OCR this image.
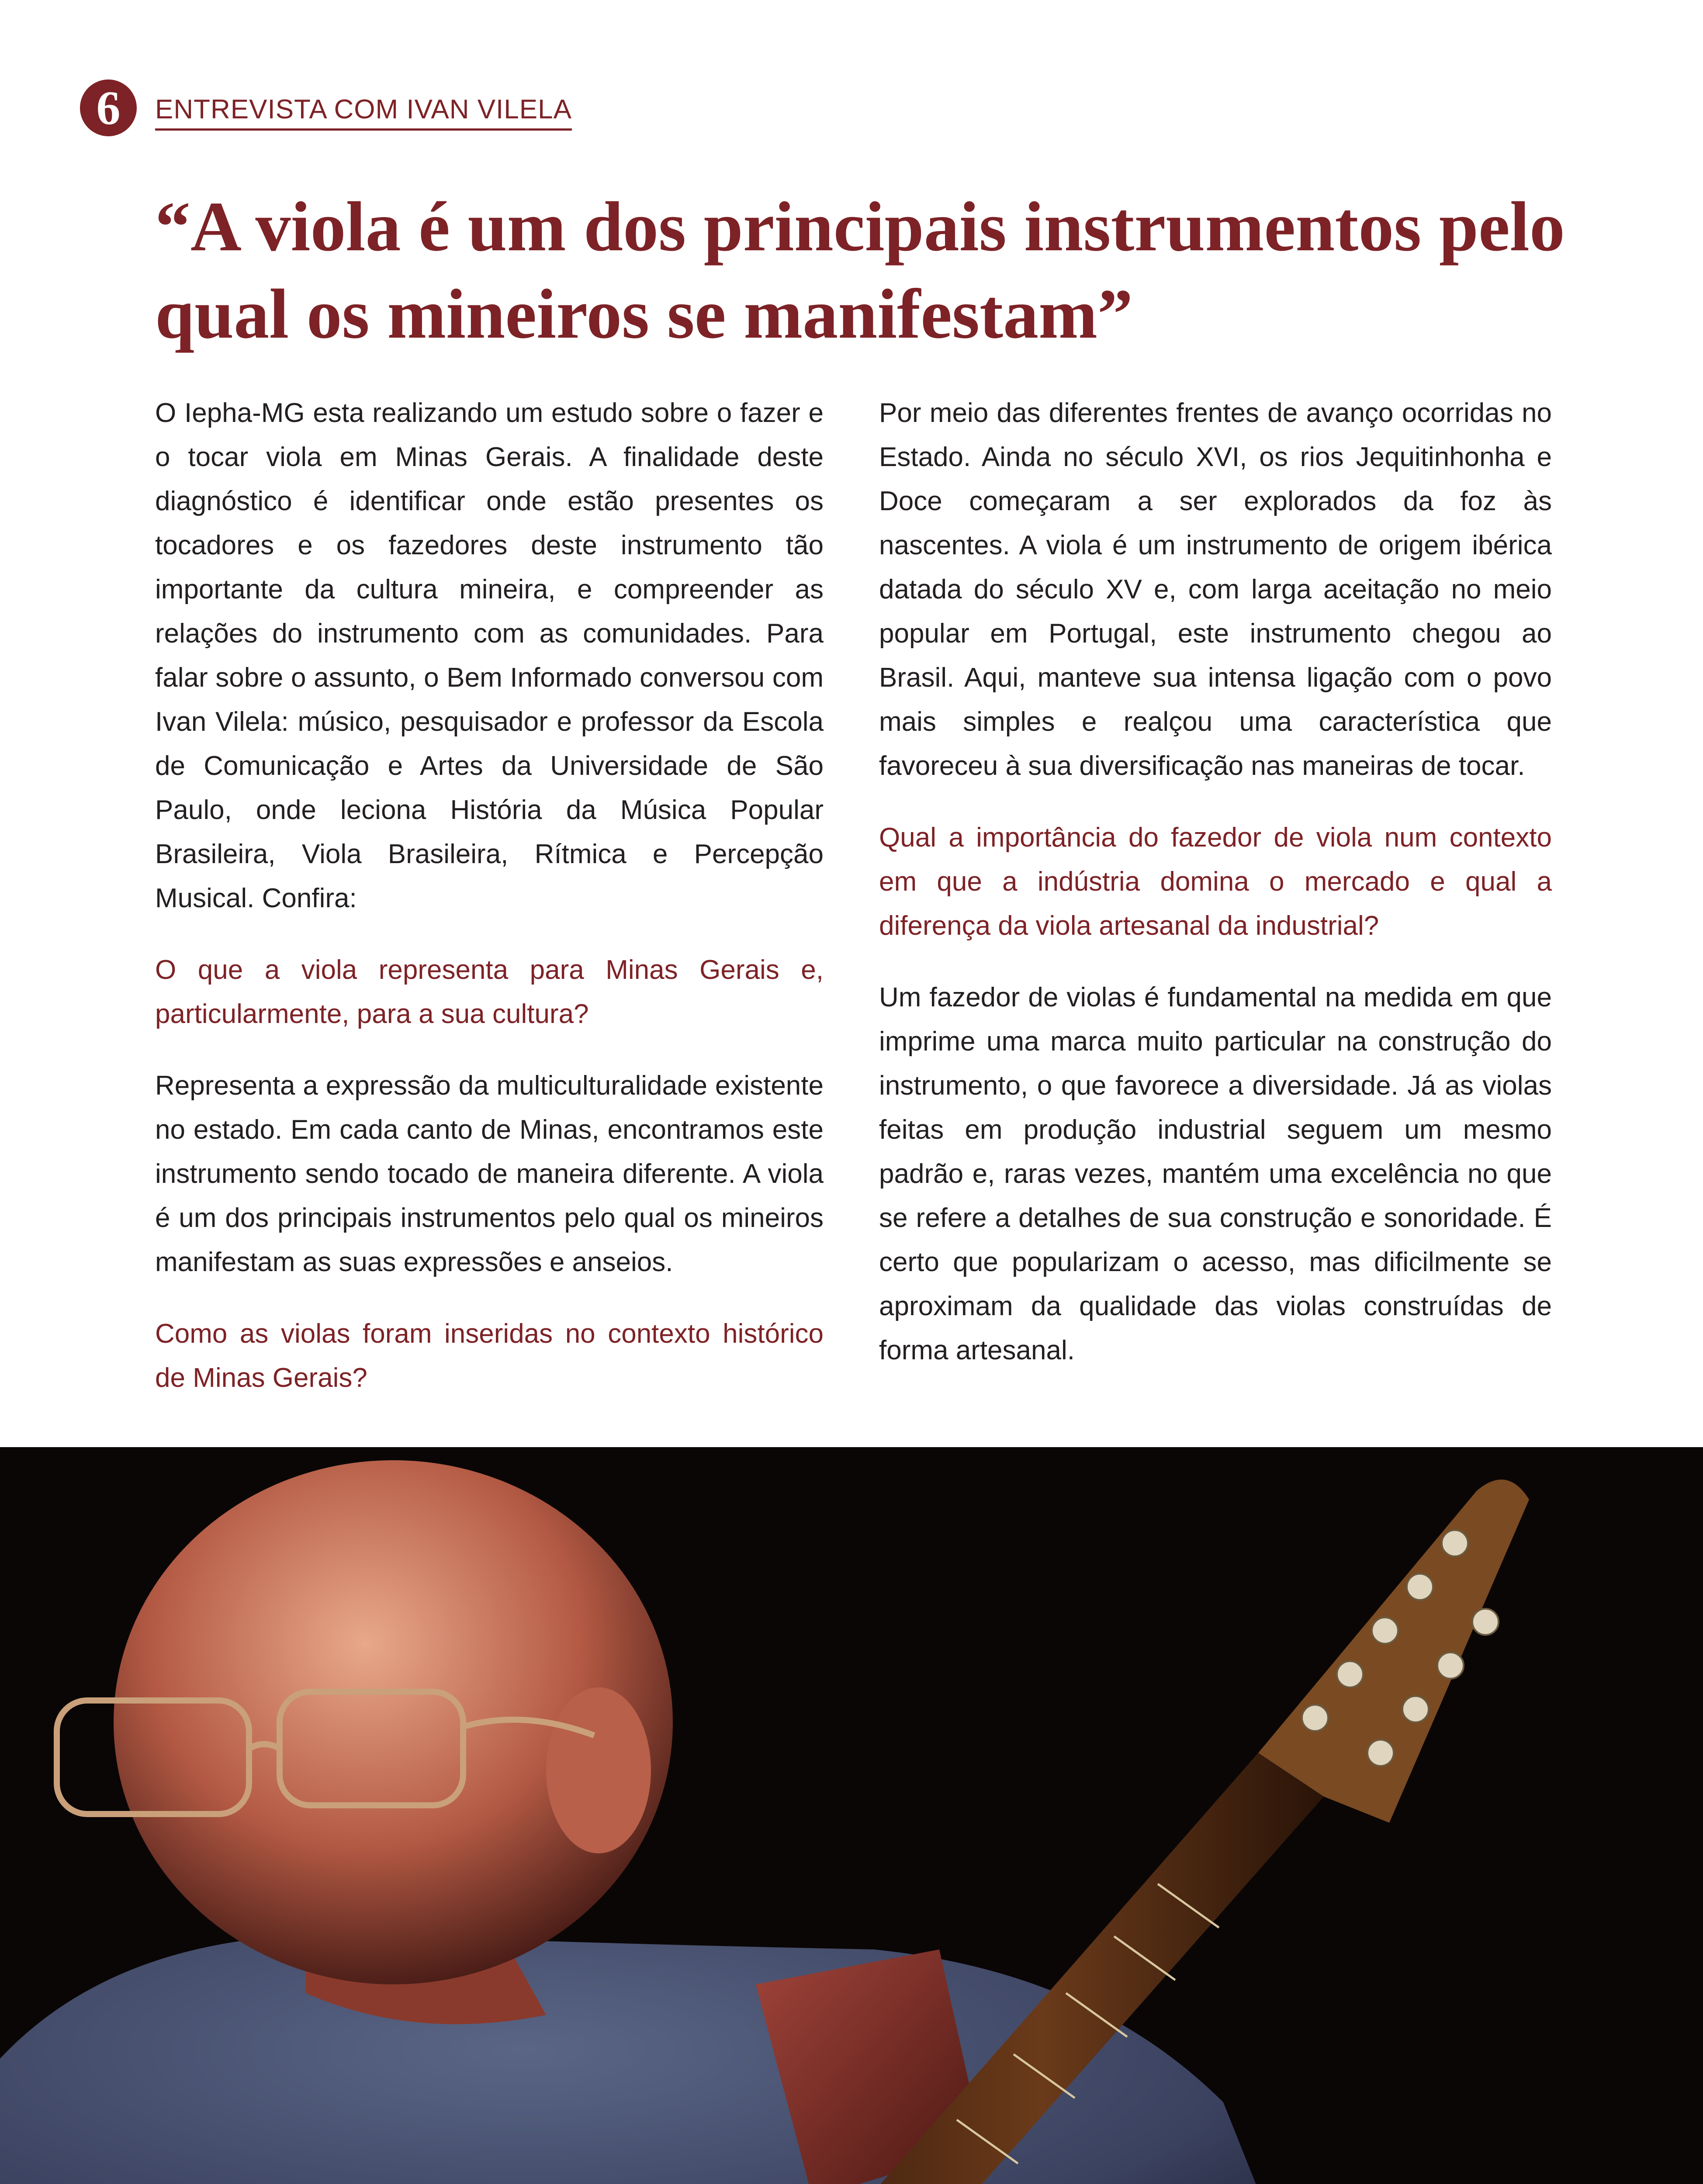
6	ENTREVISTA COM IVAN VILELA
“A viola é um dos principais instrumentos pelo qual os mineiros se manifestam”

O Iepha-MG esta realizando um estudo sobre o fazer e o tocar viola em Minas Gerais. A finalidade deste diagnóstico é identificar onde estão presentes os tocadores e os fazedores deste instrumento tão importante da cultura mineira, e compreender as relações do instrumento com as comunidades. Para falar sobre o assunto, o Bem Informado conversou com Ivan Vilela: músico, pesquisador e professor da Escola de Comunicação e Artes da Universidade de São Paulo, onde leciona História da Música Popular Brasileira, Viola Brasileira, Rítmica e Percepção Musical. Confira:

O que a viola representa para Minas Gerais e, particularmente, para a sua cultura?

Representa a expressão da multiculturalidade existente no estado. Em cada canto de Minas, encontramos este instrumento sendo tocado de maneira diferente. A viola é um dos principais instrumentos pelo qual os mineiros manifestam as suas expressões e anseios.

Como as violas foram inseridas no contexto histórico de Minas Gerais?

Por meio das diferentes frentes de avanço ocorridas no Estado. Ainda no século XVI, os rios Jequitinhonha e Doce começaram a ser explorados da foz às nascentes. A viola é um instrumento de origem ibérica datada do século XV e, com larga aceitação no meio popular em Portugal, este instrumento chegou ao Brasil. Aqui, manteve sua intensa ligação com o povo mais simples e realçou uma característica que favoreceu à sua diversificação nas maneiras de tocar.

Qual a importância do fazedor de viola num contexto em que a indústria domina o mercado e qual a diferença da viola artesanal da industrial?

Um fazedor de violas é fundamental na medida em que imprime uma marca muito particular na construção do instrumento, o que favorece a diversidade. Já as violas feitas em produção industrial seguem um mesmo padrão e, raras vezes, mantém uma excelência no que se refere a detalhes de sua construção e sonoridade. É certo que popularizam o acesso, mas dificilmente se aproximam da qualidade das violas construídas de forma artesanal.
